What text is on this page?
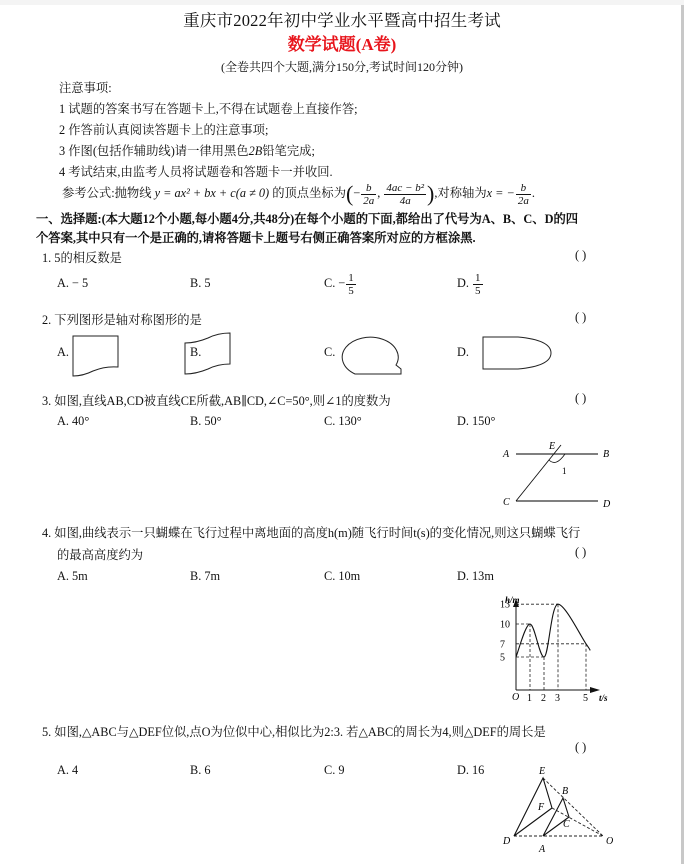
重庆市2022年初中学业水平暨高中招生考试
数学试题(A卷)
(全卷共四个大题,满分150分,考试时间120分钟)
注意事项:
1 试题的答案书写在答题卡上,不得在试题卷上直接作答;
2 作答前认真阅读答题卡上的注意事项;
3 作图(包括作辅助线)请一律用黑色2B铅笔完成;
4 考试结束,由监考人员将试题卷和答题卡一并收回.
参考公式:抛物线 y = ax² + bx + c(a ≠ 0) 的顶点坐标为(− $\frac{b}{2a}$ , $\frac{\text{4ac − b²}}{4a}$ ),对称轴为x = − $\frac{b}{2a}$ .
一、选择题:(本大题12个小题,每小题4分,共48分)在每个小题的下面,都给出了代号为A、B、C、D的四
个答案,其中只有一个是正确的,请将答题卡上题号右侧正确答案所对应的方框涂黑.
1. 5的相反数是	( )
A. − 5	B. 5	C. − $\frac{1}{5}$	D. $\frac{1}{5}$
2. 下列图形是轴对称图形的是	( )
A.	B.	C.	D.
3. 如图,直线AB,CD被直线CE所截,AB∥CD,∠C=50°,则∠1的度数为	( )
A. 40°	B. 50°	C. 130°	D. 150°
A	B
C	D
E
1
4. 如图,曲线表示一只蝴蝶在飞行过程中离地面的高度h(m)随飞行时间t(s)的变化情况,则这只蝴蝶飞行
的最高高度约为	( )
A. 5m	B. 7m	C. 10m	D. 13m
h/m
t/s
O
5
7
10
13
1 2 3 5
5. 如图,△ABC与△DEF位似,点O为位似中心,相似比为2:3. 若△ABC的周长为4,则△DEF的周长是
( )
A. 4	B. 6	C. 9	D. 16	E
B
F
C
D
A
O
